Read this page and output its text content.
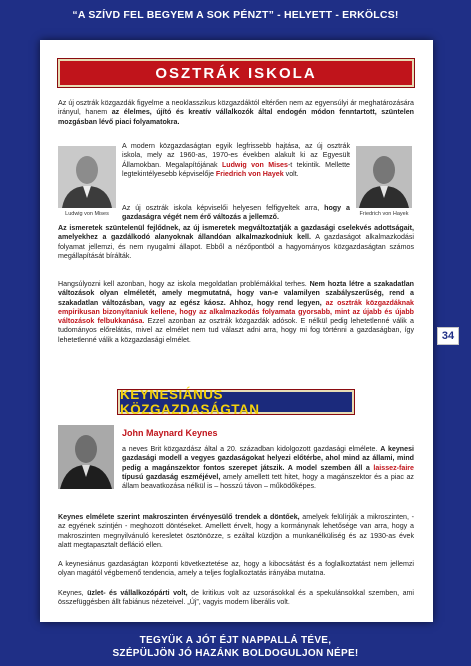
“A SZÍVD FEL BEGYEM A SOK PÉNZT” - HELYETT - ERKÖLCS!
OSZTRÁK ISKOLA
Az új osztrák közgazdák figyelme a neoklasszikus közgazdáktól eltérően nem az egyensúlyi ár meghatározására irányul, hanem az élelmes, újító és kreatív vállalkozók által endogén módon fenntartott, szüntelen mozgásban lévő piaci folyamatokra.
Ludwig von Mises	Friedrich von Hayek
A modern közgazdaságtan egyik legfrissebb hajtása, az új osztrák iskola, mely az 1960-as, 1970-es években alakult ki az Egyesült Államokban. Megalapítójának Ludwig von Mises-t tekintik. Mellette legtekintélyesebb képviselője Friedrich von Hayek volt.
Az új osztrák iskola képviselői helyesen felfigyeltek arra, hogy a gazdaságra végét nem érő változás a jellemző.
Az ismeretek szüntelenül fejlődnek, az új ismeretek megváltoztatják a gazdasági cselekvés adottságait, amelyekhez a gazdálkodó alanyoknak állandóan alkalmazkodniuk kell. A gazdaságot alkalmazkodási folyamat jellemzi, és nem nyugalmi állapot. Ebből a nézőpontból a hagyományos közgazdaságtan számos megállapítását bírálták.
Hangsúlyozni kell azonban, hogy az iskola megoldatlan problémákkal terhes. Nem hozta létre a szakadatlan változások olyan elméletét, amely megmutatná, hogy van-e valamilyen szabályszerűség, rend a szakadatlan változásban, vagy az egész káosz. Ahhoz, hogy rend legyen, az osztrák közgazdáknak empirikusan bizonyítaniuk kellene, hogy az alkalmazkodás folyamata gyorsabb, mint az újabb és újabb változások felbukkanása. Ezzel azonban az osztrák közgazdák adósok. E nélkül pedig lehetetlenné válik a tudományos előrelátás, mivel az elmélet nem tud választ adni arra, hogy mi fog történni a gazdaságban, így lehetetlenné válik a közgazdasági elmélet.
KEYNESIÁNUS KÖZGAZDASÁGTAN
John Maynard Keynes
a neves Brit közgazdász által a 20. században kidolgozott gazdasági elmélete. A keynesi gazdasági modell a vegyes gazdaságokat helyezi előtérbe, ahol mind az állami, mind pedig a magánszektor fontos szerepet játszik. A model szemben áll a laissez-faire típusú gazdaság eszméjével, amely amellett tett hitet, hogy a magánszektor és a piac az állam beavatkozása nélkül is – hosszú távon – működőképes.
Keynes elmélete szerint makroszinten érvényesülő trendek a döntőek, amelyek felülírják a mikroszinten, - az egyének szintjén - meghozott döntéseket. Amellett érvelt, hogy a kormánynak lehetősége van arra, hogy a makroszinten megnyilvánuló keresletet ösztönözze, s ezáltal küzdjön a munkanélküliség és az 1930-as évek alatt megtapasztalt defláció ellen.
A keynesiánus gazdaságtan központi következtetése az, hogy a kibocsátást és a foglalkoztatást nem jellemzi olyan magától végbemenő tendencia, amely a teljes foglalkoztatás irányába mutatna.
Keynes, üzlet- és vállalkozópárti volt, de kritikus volt az uzsorásokkal és a spekulánsokkal szemben, ami összefüggésben állt fabiánus nézeteivel. „Új”, vagyis modern liberális volt.
34
TEGYÜK A JÓT ÉJT NAPPALLÁ TÉVE,
SZÉPÜLJÖN JÓ HAZÁNK BOLDOGULJON NÉPE!
